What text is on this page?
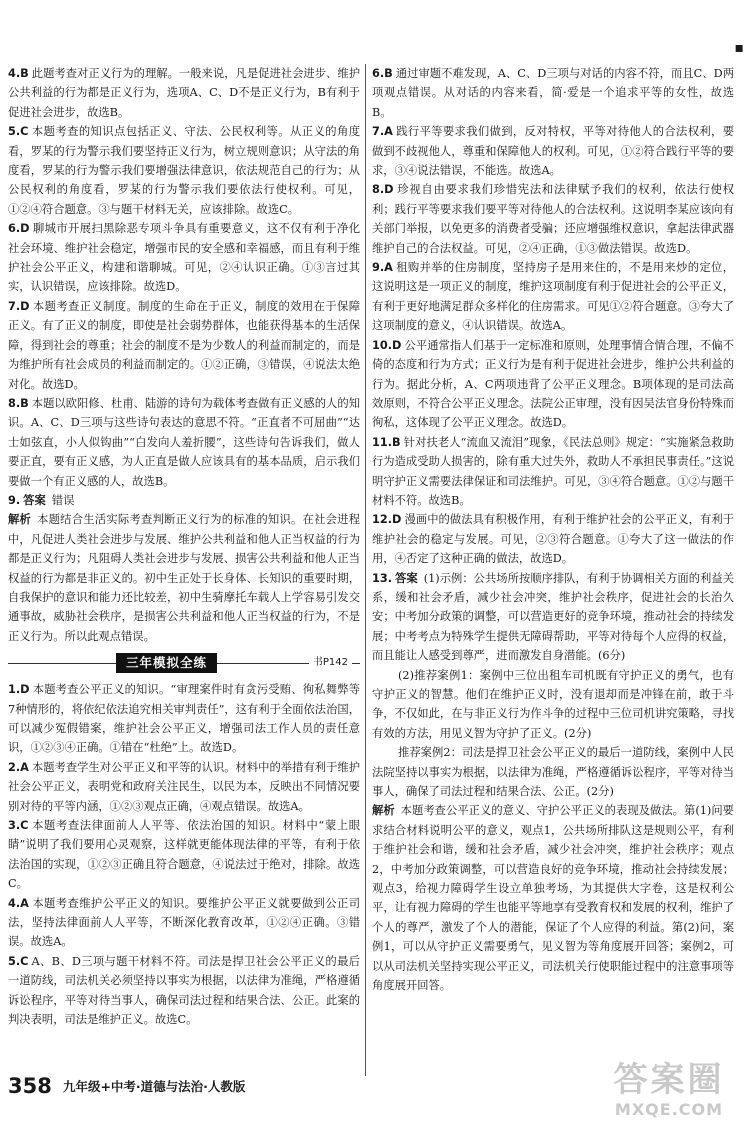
▪
4.B 此题考查对正义行为的理解。一般来说，凡是促进社会进步、维护公共利益的行为都是正义行为，选项A、C、D不是正义行为，B有利于促进社会进步，故选B。
5.C 本题考查的知识点包括正义、守法、公民权利等。从正义的角度看，罗某的行为警示我们要坚持正义行为，树立规则意识；从守法的角度看，罗某的行为警示我们要增强法律意识，依法规范自己的行为；从公民权利的角度看，罗某的行为警示我们要依法行使权利。可见，①②④符合题意。③与题干材料无关，应该排除。故选C。
6.D 聊城市开展扫黑除恶专项斗争具有重要意义，这不仅有利于净化社会环境、维护社会稳定，增强市民的安全感和幸福感，而且有利于维护社会公平正义，构建和谐聊城。可见，②④认识正确。①③言过其实，认识错误，应该排除。故选D。
7.D 本题考查正义制度。制度的生命在于正义，制度的效用在于保障正义。有了正义的制度，即使是社会弱势群体，也能获得基本的生活保障，得到社会的尊重；社会的制度不是为少数人的利益而制定的，而是为维护所有社会成员的利益而制定的。①②正确，③错误，④说法太绝对化。故选D。
8.B 本题以欧阳修、杜甫、陆游的诗句为载体考查做有正义感的人的知识。A、C、D三项与这些诗句表达的意思不符。“正直者不可屈曲”“达士如弦直，小人似钩曲”“白发向人羞折腰”，这些诗句告诉我们，做人要正直，要有正义感，为人正直是做人应该具有的基本品质，启示我们要做一个有正义感的人，故选B。
9. 答案 错误
解析 本题结合生活实际考查判断正义行为的标准的知识。在社会进程中，凡促进人类社会进步与发展、维护公共利益和他人正当权益的行为都是正义行为；凡阻碍人类社会进步与发展、损害公共利益和他人正当权益的行为都是非正义的。初中生正处于长身体、长知识的重要时期，自我保护的意识和能力还比较差，初中生骑摩托车载人上学容易引发交通事故，威胁社会秩序，是损害公共利益和他人正当权益的行为，不是正义行为。所以此观点错误。
三年模拟全练	书P142
1.D 本题考查公平正义的知识。“审理案件时有贪污受贿、徇私舞弊等7种情形的，将依纪依法追究相关审判责任”，这有利于全面依法治国，可以减少冤假错案，维护社会公平正义，增强司法工作人员的责任意识，①②③④正确。①错在“杜绝”上。故选D。
2.A 本题考查学生对公平正义和平等的认识。材料中的举措有利于维护社会公平正义，表明党和政府关注民生，以民为本，反映出不同情况要别对待的平等内涵，①②③观点正确，④观点错误。故选A。
3.C 本题考查法律面前人人平等、依法治国的知识。材料中“蒙上眼睛”说明了我们要用心灵观察，这样就更能体现法律的平等，有利于依法治国的实现，①②③正确且符合题意，④说法过于绝对，排除。故选C。
4.A 本题考查维护公平正义的知识。要维护公平正义就要做到公正司法，坚持法律面前人人平等，不断深化教育改革，①②④正确。③错误。故选A。
5.C A、B、D三项与题干材料不符。司法是捍卫社会公平正义的最后一道防线，司法机关必须坚持以事实为根据，以法律为准绳，严格遵循诉讼程序，平等对待当事人，确保司法过程和结果合法、公正。此案的判决表明，司法是维护正义。故选C。
6.B 通过审题不难发现，A、C、D三项与对话的内容不符，而且C、D两项观点错误。从对话的内容来看，简·爱是一个追求平等的女性，故选B。
7.A 践行平等要求我们做到，反对特权，平等对待他人的合法权利，要做到不歧视他人，尊重和保障他人的权利。可见，①②符合践行平等的要求，③④说法错误，不能选。故选A。
8.D 珍视自由要求我们珍惜宪法和法律赋予我们的权利，依法行使权利；践行平等要求我们要平等对待他人的合法权利。这说明李某应该向有关部门举报，以免更多的消费者受骗；还应增强维权意识，拿起法律武器维护自己的合法权益。可见，②④正确，①③做法错误。故选D。
9.A 租购并举的住房制度，坚持房子是用来住的，不是用来炒的定位，这说明这是一项正义的制度，维护这项制度有利于促进社会的公平正义，有利于更好地满足群众多样化的住房需求。可见①②符合题意。③夸大了这项制度的意义，④认识错误。故选A。
10.D 公平通常指人们基于一定标准和原则，处理事情合情合理，不偏不倚的态度和行为方式；正义行为是有利于促进社会进步，维护公共利益的行为。据此分析，A、C两项违背了公平正义理念。B项体现的是司法高效原则，不符合公平正义理念。法院公正审理，没有因吴法官身份特殊而徇私，这体现了公平正义理念。故选D。
11.B 针对扶老人“流血又流泪”现象，《民法总则》规定：“实施紧急救助行为造成受助人损害的，除有重大过失外，救助人不承担民事责任。”这说明守护正义需要法律保证和司法维护。可见，③④符合题意。①②与题干材料不符。故选B。
12.D 漫画中的做法具有积极作用，有利于维护社会的公平正义，有利于维护社会的稳定与发展。可见，②③符合题意。①夸大了这一做法的作用，④否定了这种正确的做法，故选D。
13. 答案 (1)示例：公共场所按顺序排队，有利于协调相关方面的利益关系，缓和社会矛盾，减少社会冲突，维护社会秩序，促进社会的长治久安；中考加分政策的调整，可以营造更好的竞争环境，推动社会的持续发展；中考考点为特殊学生提供无障碍帮助，平等对待每个人应得的权益，而且能让人感受到尊严，进而激发自身潜能。(6分)
(2)推荐案例1：案例中三位出租车司机既有守护正义的勇气，也有守护正义的智慧。他们在维护正义时，没有退却而是冲锋在前，敢于斗争，不仅如此，在与非正义行为作斗争的过程中三位司机讲究策略，寻找有效的方法，用见义智为守护了正义。(2分)
推荐案例2：司法是捍卫社会公平正义的最后一道防线，案例中人民法院坚持以事实为根据，以法律为准绳，严格遵循诉讼程序，平等对待当事人，确保了司法过程和结果合法、公正。(2分)
解析 本题考查公平正义的意义、守护公平正义的表现及做法。第(1)问要求结合材料说明公平的意义，观点1，公共场所排队这是规则公平，有利于维护社会和谐，缓和社会矛盾，减少社会冲突，维护社会秩序；观点2，中考加分政策调整，可以营造良好的竞争环境，推动社会持续发展；观点3，给视力障碍学生设立单独考场，为其提供大字卷，这是权利公平，让有视力障碍的学生也能平等地享有受教育权和发展的权利，维护了个人的尊严，激发了个人的潜能，保证了个人应得的利益。第(2)问，案例1，可以从守护正义需要勇气，见义智为等角度展开回答；案例2，可以从司法机关坚持实现公平正义，司法机关行使职能过程中的注意事项等角度展开回答。
358 九年级+中考·道德与法治·人教版	答案圈
MXQE.COM
